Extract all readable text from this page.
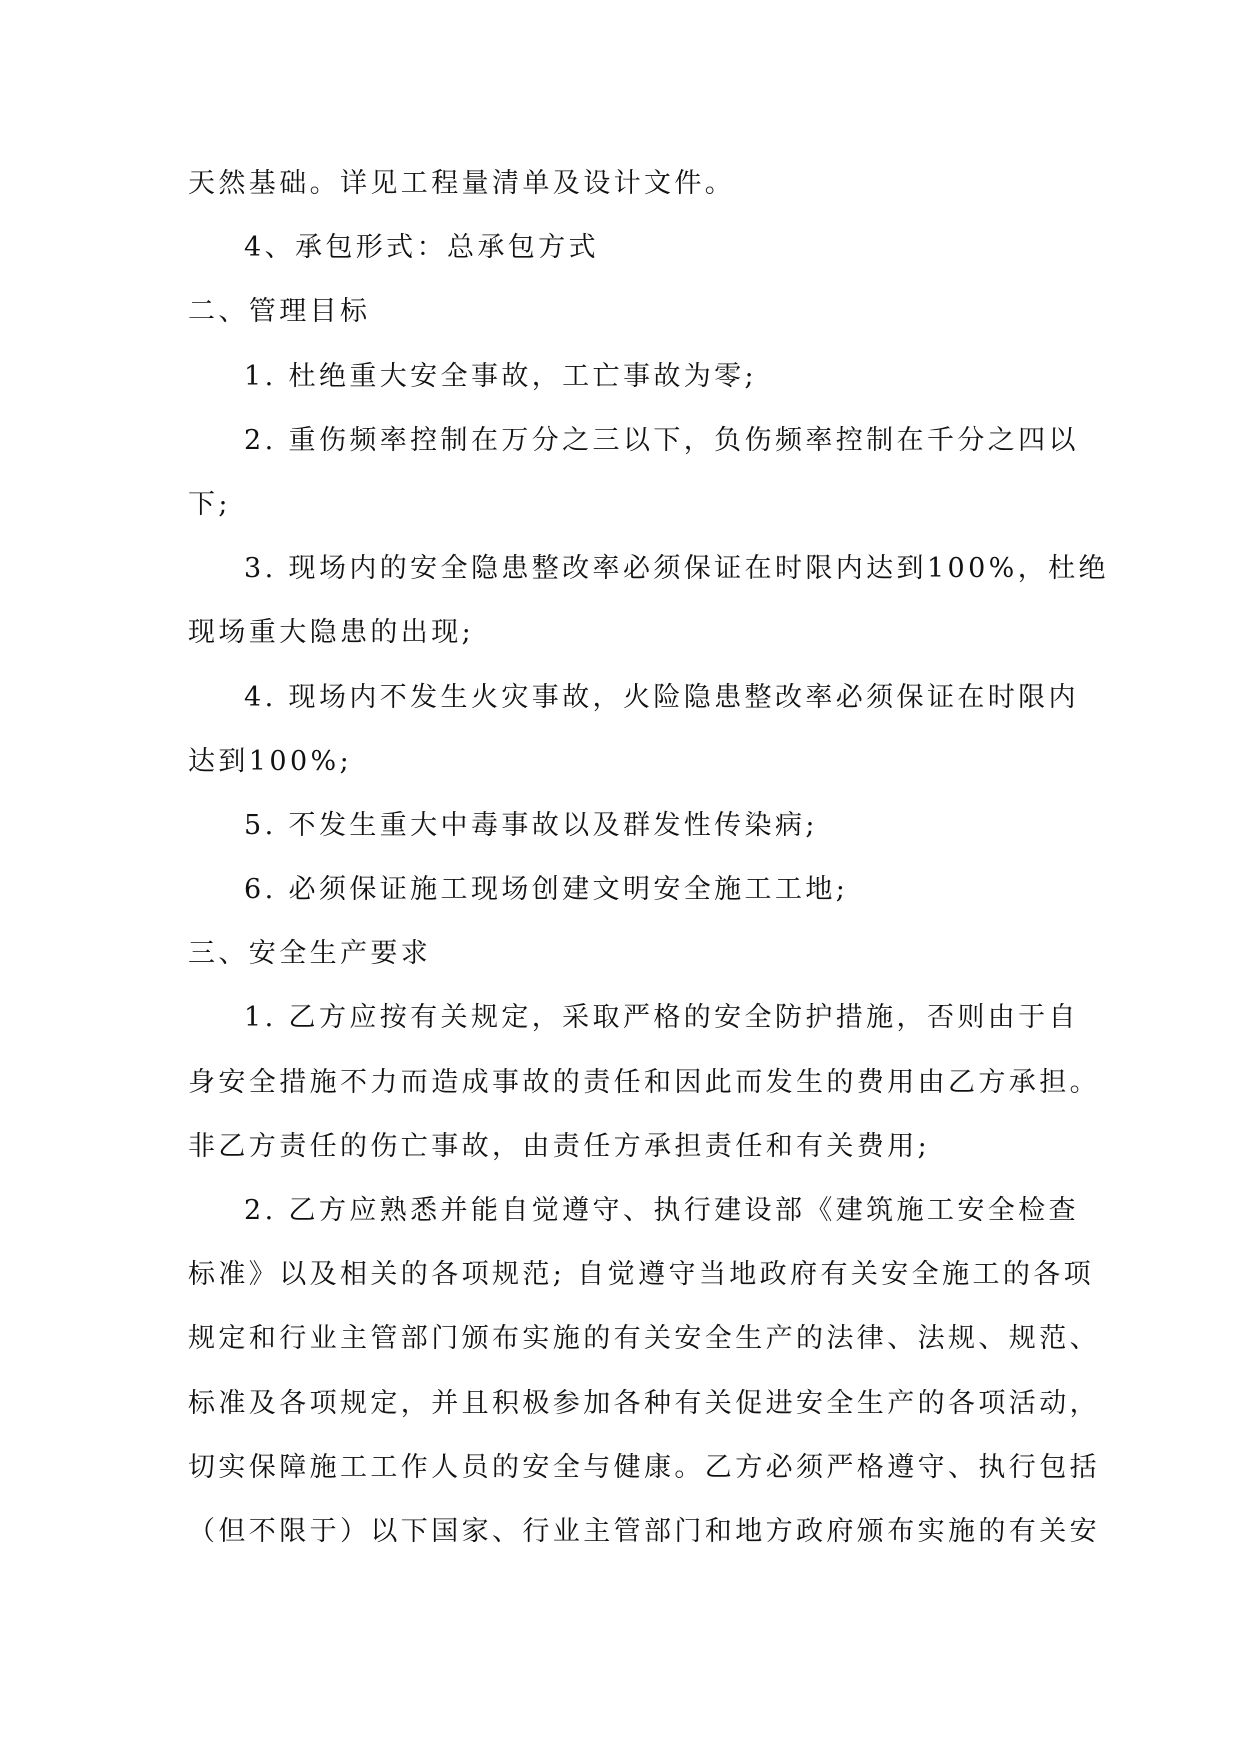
天然基础。详见工程量清单及设计文件。
4、承包形式：总承包方式
二、管理目标
1. 杜绝重大安全事故，工亡事故为零;
2. 重伤频率控制在万分之三以下，负伤频率控制在千分之四以
下;
3. 现场内的安全隐患整改率必须保证在时限内达到100%，杜绝
现场重大隐患的出现;
4. 现场内不发生火灾事故，火险隐患整改率必须保证在时限内
达到100%;
5. 不发生重大中毒事故以及群发性传染病;
6. 必须保证施工现场创建文明安全施工工地;
三、安全生产要求
1. 乙方应按有关规定，采取严格的安全防护措施，否则由于自
身安全措施不力而造成事故的责任和因此而发生的费用由乙方承担。
非乙方责任的伤亡事故，由责任方承担责任和有关费用;
2. 乙方应熟悉并能自觉遵守、执行建设部《建筑施工安全检查
标准》以及相关的各项规范; 自觉遵守当地政府有关安全施工的各项
规定和行业主管部门颁布实施的有关安全生产的法律、法规、规范、
标准及各项规定，并且积极参加各种有关促进安全生产的各项活动，
切实保障施工工作人员的安全与健康。乙方必须严格遵守、执行包括
（但不限于）以下国家、行业主管部门和地方政府颁布实施的有关安
